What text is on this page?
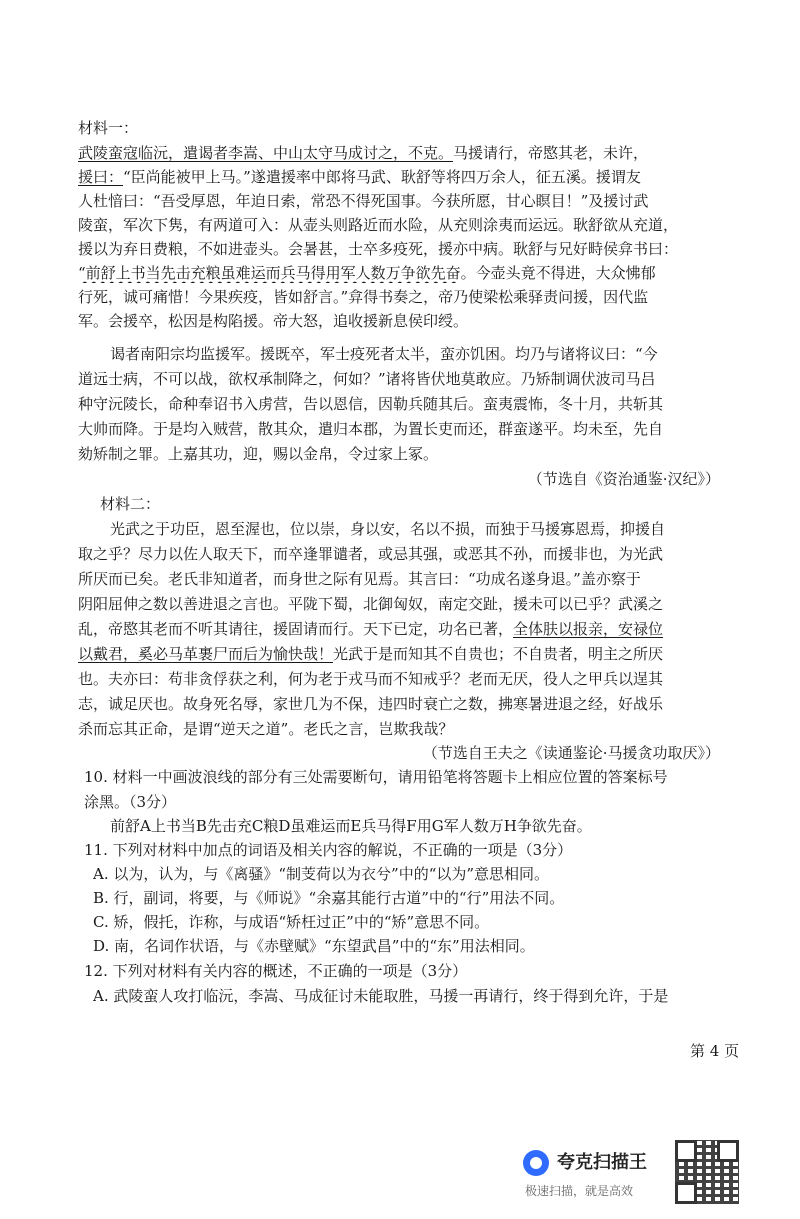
材料一：
武陵蛮寇临沅，遣谒者李嵩、中山太守马成讨之，不克。马援请行，帝愍其老，未许，
援曰：“臣尚能被甲上马。”遂遣援率中郎将马武、耿舒等将四万余人，征五溪。援谓友
人杜愔曰：“吾受厚恩，年迫日索，常恐不得死国事。今获所愿，甘心瞑目！”及援讨武
陵蛮，军次下隽，有两道可入：从壶头则路近而水险，从充则涂夷而运远。耿舒欲从充道，
援以为弃日费粮，不如进壶头。会暑甚，士卒多疫死，援亦中病。耿舒与兄好畤侯弇书曰：
“前舒上书当先击充粮虽难运而兵马得用军人数万争欲先奋。今壶头竟不得进，大众怫郁
行死，诚可痛惜！今果疾疫，皆如舒言。”弇得书奏之，帝乃使梁松乘驿责问援，因代监
军。会援卒，松因是构陷援。帝大怒，追收援新息侯印绶。
谒者南阳宗均监援军。援既卒，军士疫死者太半，蛮亦饥困。均乃与诸将议曰：“今
道远士病，不可以战，欲权承制降之，何如？”诸将皆伏地莫敢应。乃矫制调伏波司马吕
种守沅陵长，命种奉诏书入虏营，告以恩信，因勒兵随其后。蛮夷震怖，冬十月，共斩其
大帅而降。于是均入贼营，散其众，遣归本郡，为置长吏而还，群蛮遂平。均未至，先自
劾矫制之罪。上嘉其功，迎，赐以金帛，令过家上冢。
（节选自《资治通鉴·汉纪》）
材料二：
光武之于功臣，恩至渥也，位以崇，身以安，名以不损，而独于马援寡恩焉，抑援自
取之乎？尽力以佐人取天下，而卒逢罪谴者，或忌其强，或恶其不孙，而援非也，为光武
所厌而已矣。老氏非知道者，而身世之际有见焉。其言曰：“功成名遂身退。”盖亦察于
阴阳屈伸之数以善进退之言也。平陇下蜀，北御匈奴，南定交趾，援未可以已乎？武溪之
乱，帝愍其老而不听其请往，援固请而行。天下已定，功名已著，全体肤以报亲，安禄位
以戴君，奚必马革裹尸而后为愉快哉！光武于是而知其不自贵也；不自贵者，明主之所厌
也。夫亦曰：苟非贪俘获之利，何为老于戎马而不知戒乎？老而无厌，役人之甲兵以逞其
志，诚足厌也。故身死名辱，家世几为不保，违四时衰亡之数，拂寒暑进退之经，好战乐
杀而忘其正命，是谓“逆天之道”。老氏之言，岂欺我哉？
（节选自王夫之《读通鉴论·马援贪功取厌》）
10. 材料一中画波浪线的部分有三处需要断句，请用铅笔将答题卡上相应位置的答案标号
涂黑。（3分）
前舒A上书当B先击充C粮D虽难运而E兵马得F用G军人数万H争欲先奋。
11. 下列对材料中加点的词语及相关内容的解说，不正确的一项是（3分）
A. 以为，认为，与《离骚》“制芰荷以为衣兮”中的“以为”意思相同。
B. 行，副词，将要，与《师说》“余嘉其能行古道”中的“行”用法不同。
C. 矫，假托，诈称，与成语“矫枉过正”中的“矫”意思不同。
D. 南，名词作状语，与《赤壁赋》“东望武昌”中的“东”用法相同。
12. 下列对材料有关内容的概述，不正确的一项是（3分）
A. 武陵蛮人攻打临沅，李嵩、马成征讨未能取胜，马援一再请行，终于得到允许，于是
第 4 页
夸克扫描王
极速扫描，就是高效
